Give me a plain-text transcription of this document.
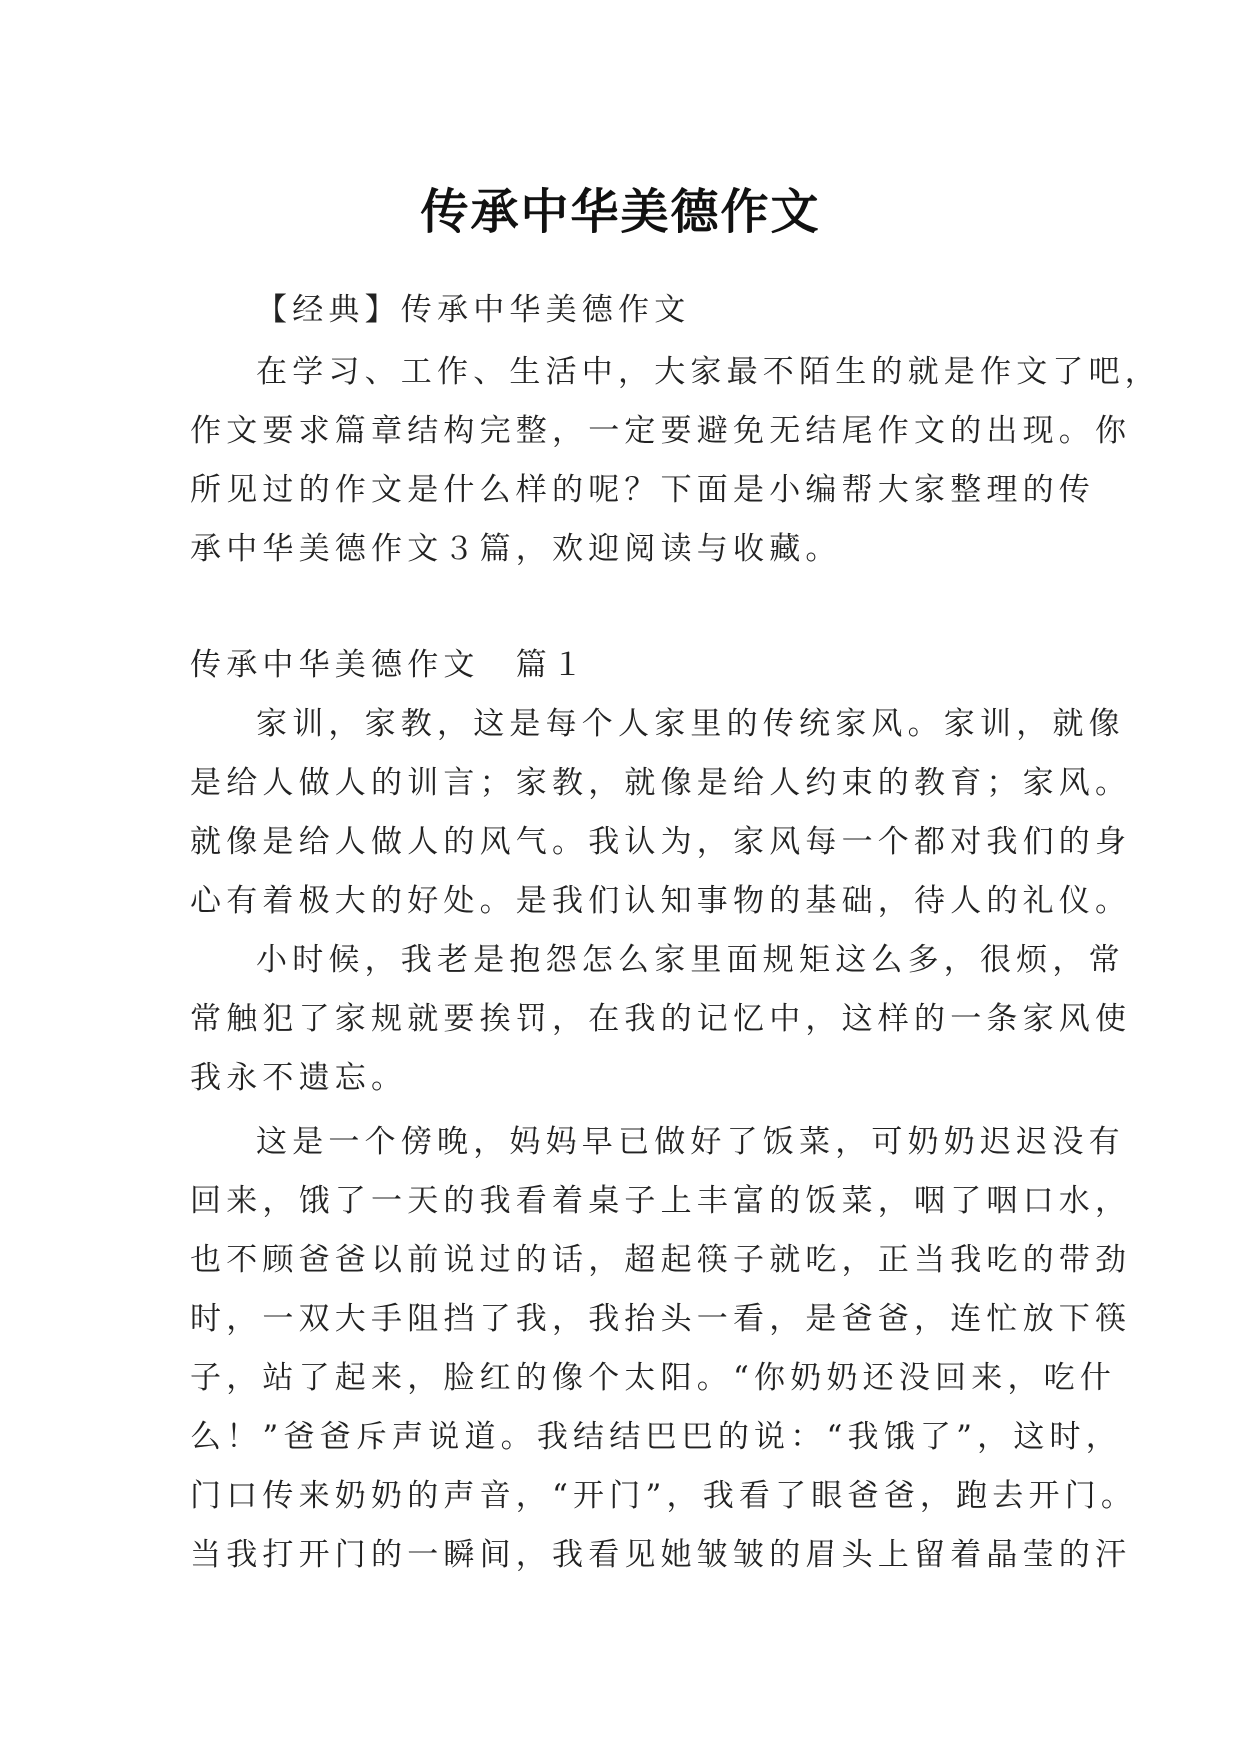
传承中华美德作文
【经典】传承中华美德作文
在学习、工作、生活中，大家最不陌生的就是作文了吧，
作文要求篇章结构完整，一定要避免无结尾作文的出现。你
所见过的作文是什么样的呢？下面是小编帮大家整理的传
承中华美德作文３篇，欢迎阅读与收藏。
传承中华美德作文　篇１
家训，家教，这是每个人家里的传统家风。家训，就像
是给人做人的训言；家教，就像是给人约束的教育；家风。
就像是给人做人的风气。我认为，家风每一个都对我们的身
心有着极大的好处。是我们认知事物的基础，待人的礼仪。
小时候，我老是抱怨怎么家里面规矩这么多，很烦，常
常触犯了家规就要挨罚，在我的记忆中，这样的一条家风使
我永不遗忘。
这是一个傍晚，妈妈早已做好了饭菜，可奶奶迟迟没有
回来，饿了一天的我看着桌子上丰富的饭菜，咽了咽口水，
也不顾爸爸以前说过的话，超起筷子就吃，正当我吃的带劲
时，一双大手阻挡了我，我抬头一看，是爸爸，连忙放下筷
子，站了起来，脸红的像个太阳。“你奶奶还没回来，吃什
么！”爸爸斥声说道。我结结巴巴的说：“我饿了”，这时，
门口传来奶奶的声音，“开门”，我看了眼爸爸，跑去开门。
当我打开门的一瞬间，我看见她皱皱的眉头上留着晶莹的汗
